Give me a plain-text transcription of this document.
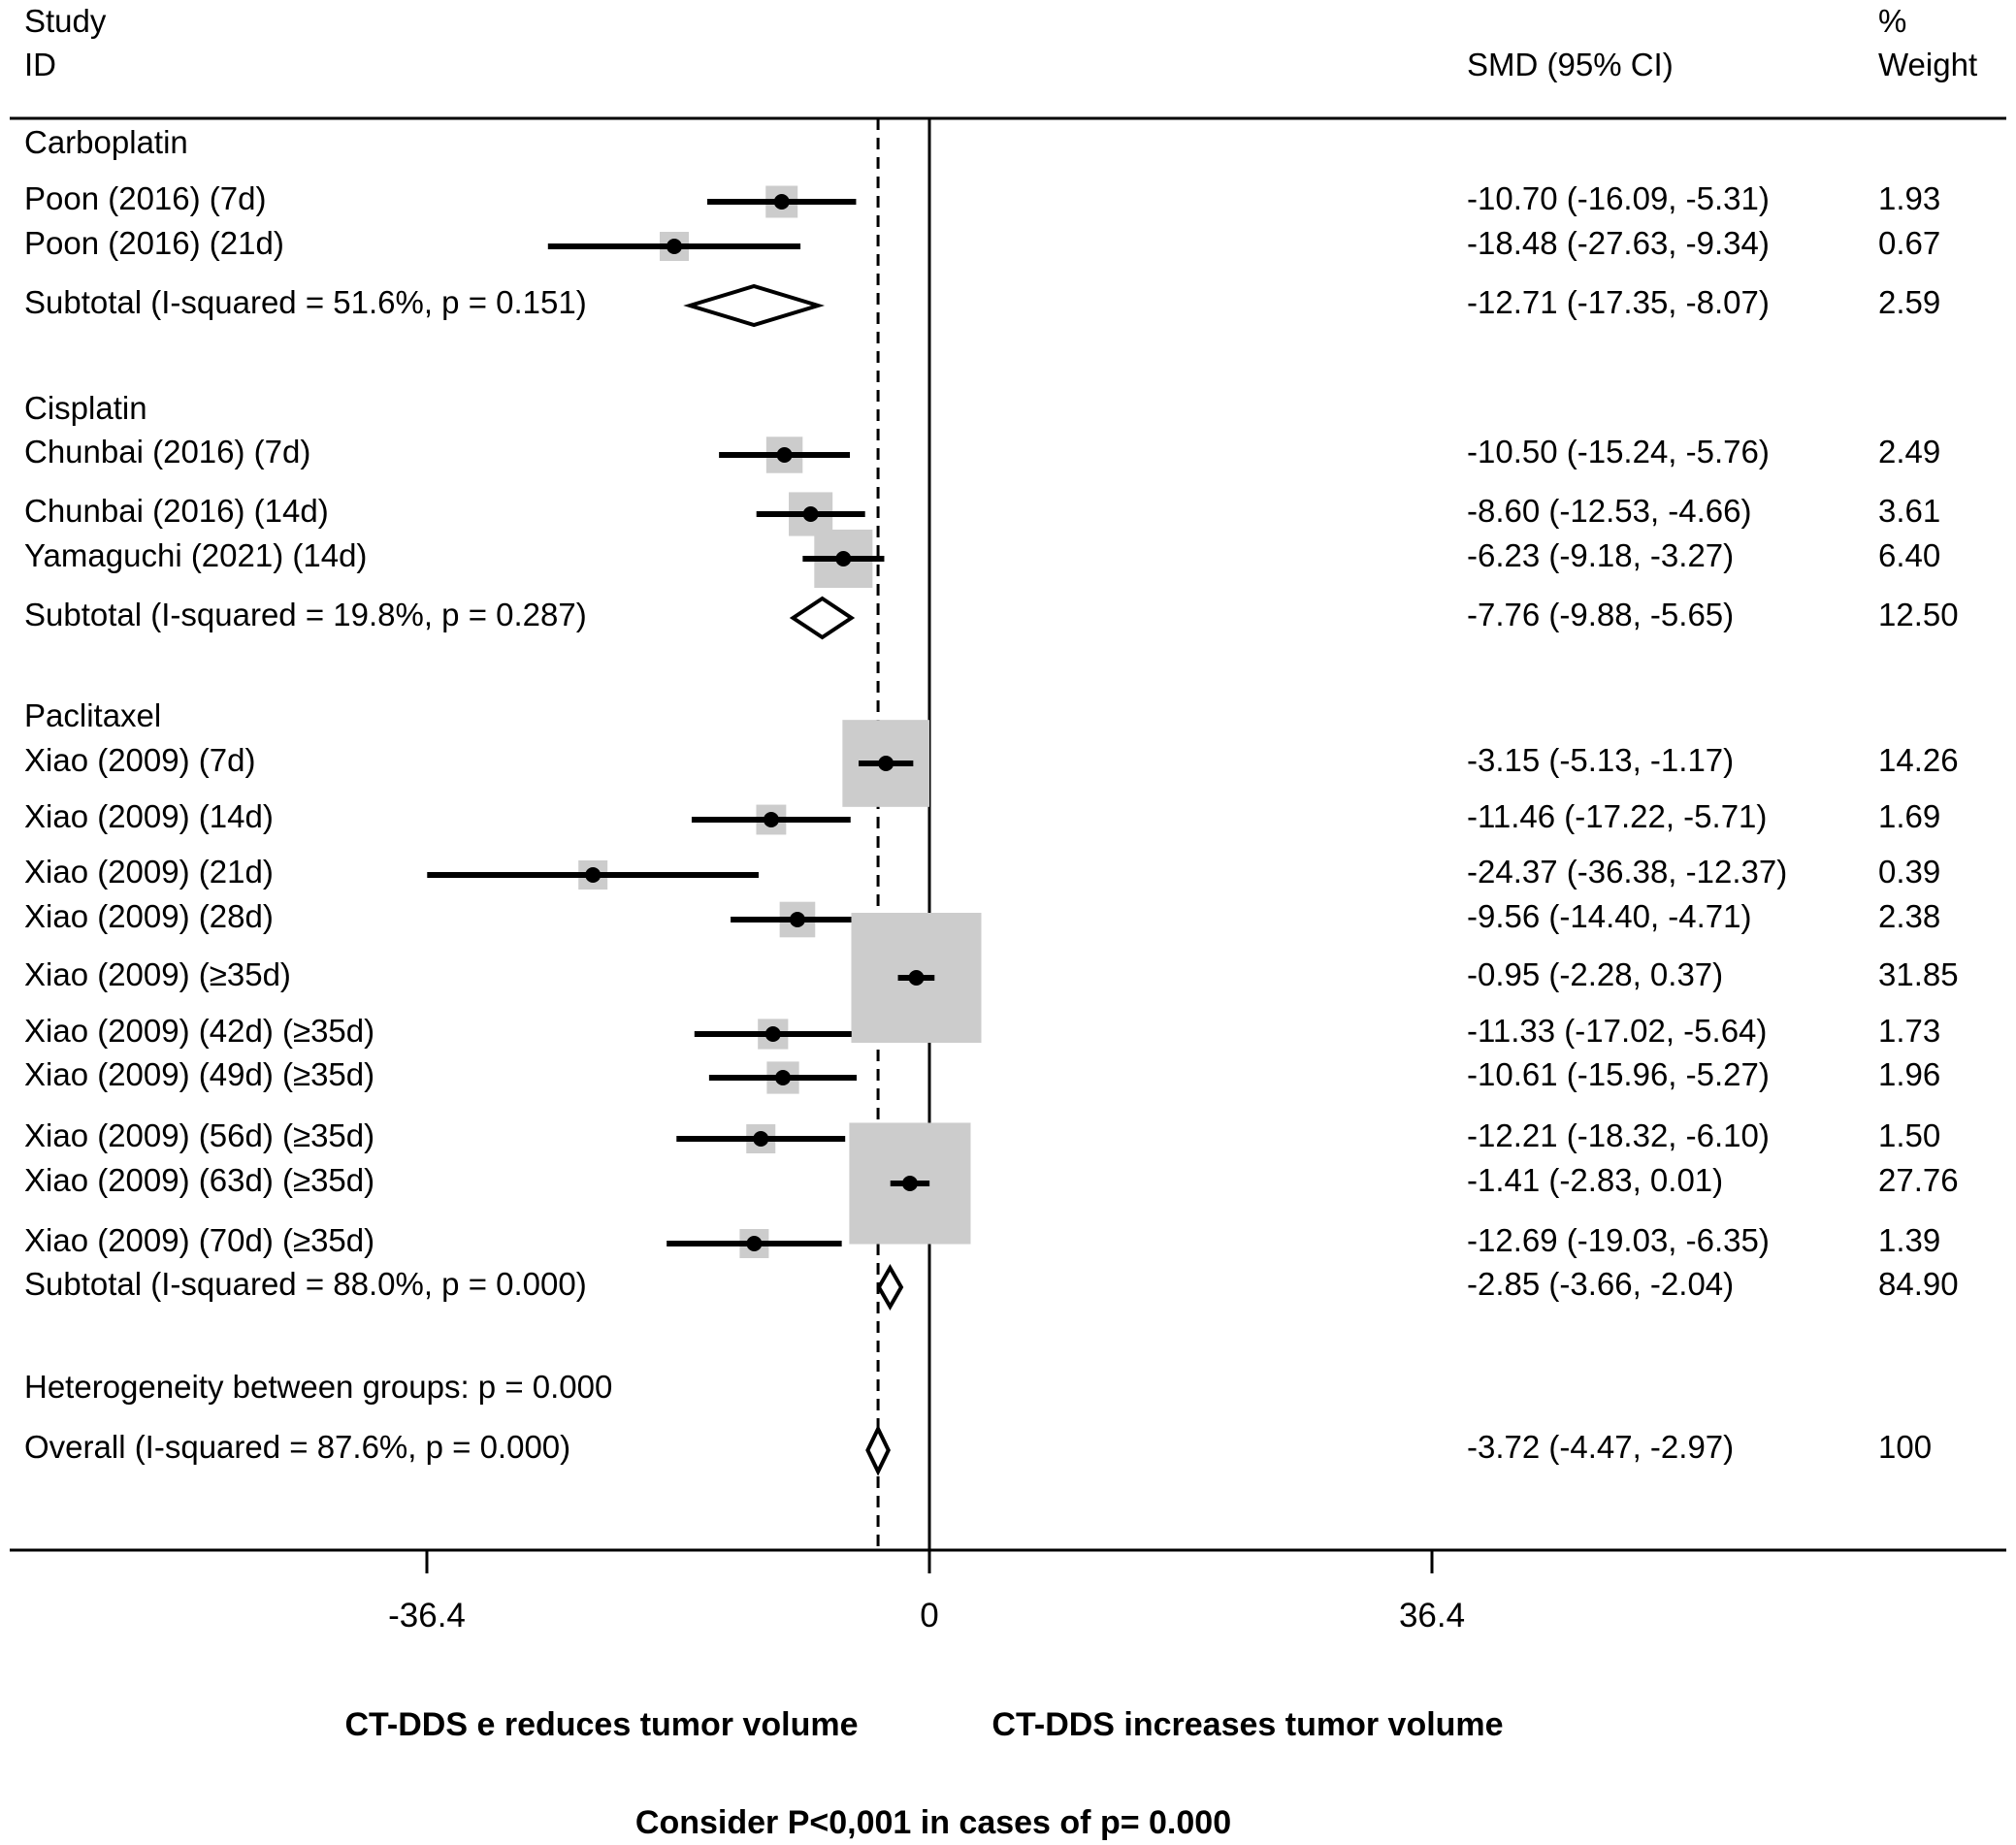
Study
ID	SMD (95% CI)
%
Weight
Carboplatin
Poon (2016) (7d)	-10.70 (-16.09, -5.31)	1.93
Poon (2016) (21d)	-18.48 (-27.63, -9.34)	0.67
Subtotal (I-squared = 51.6%, p = 0.151)	-12.71 (-17.35, -8.07)	2.59
Cisplatin
Chunbai (2016) (7d)	-10.50 (-15.24, -5.76)	2.49
Chunbai (2016) (14d)	-8.60 (-12.53, -4.66)	3.61
Yamaguchi (2021) (14d)	-6.23 (-9.18, -3.27)	6.40
Subtotal (I-squared = 19.8%, p = 0.287)	-7.76 (-9.88, -5.65)	12.50
Paclitaxel
Xiao (2009) (7d)	-3.15 (-5.13, -1.17)	14.26
Xiao (2009) (14d)	-11.46 (-17.22, -5.71)	1.69
Xiao (2009) (21d)	-24.37 (-36.38, -12.37)	0.39
Xiao (2009) (28d)	-9.56 (-14.40, -4.71)	2.38
Xiao (2009) (≥35d)	-0.95 (-2.28, 0.37)	31.85
Xiao (2009) (42d) (≥35d)	-11.33 (-17.02, -5.64)	1.73
Xiao (2009) (49d) (≥35d)	-10.61 (-15.96, -5.27)	1.96
Xiao (2009) (56d) (≥35d)	-12.21 (-18.32, -6.10)	1.50
Xiao (2009) (63d) (≥35d)	-1.41 (-2.83, 0.01)	27.76
Xiao (2009) (70d) (≥35d)	-12.69 (-19.03, -6.35)	1.39
Subtotal (I-squared = 88.0%, p = 0.000)	-2.85 (-3.66, -2.04)	84.90
Heterogeneity between groups: p = 0.000
Overall (I-squared = 87.6%, p = 0.000)	-3.72 (-4.47, -2.97)	100
-36.4	0	36.4
CT-DDS e reduces tumor volume	CT-DDS increases tumor volume
Consider P<0,001 in cases of p= 0.000
